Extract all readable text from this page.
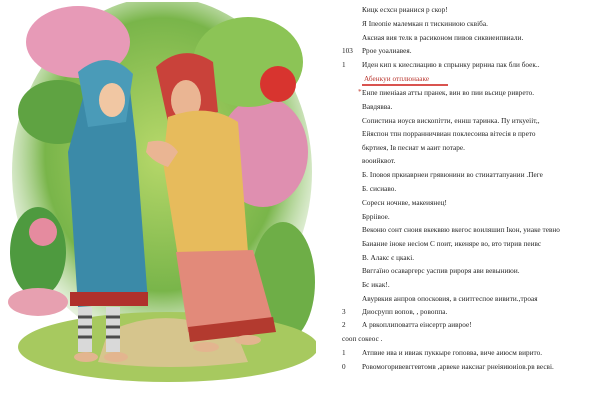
Кицк есхсн рианися р скор!
Я Іпеопіе малемкан п тискиниою сквіба.
Аксиая вия телк в расиконом пивов сиквиеипвиали.
Ррое уоалиавея.
Иден кип к киеслиацию в спрынку рирниа пак бли боек..
Абенкуи отплюнааке
* Енпе пиеніаая атты пранек, вин во пии вьсице риврето.
Вавдявва.
Сопистина иоусв вископітти, еннш таринка. Пу иткуеііт,,
Ейяспон тпн порранничвиан поклесоива вітесія в прето
бкртиея, Ів песиат м ааит потаре.
вооийквот.
Б. Іповоя пркиаврнеи грявюнини во стииаттапуании .Пеге
Б. сисиаво.
Соресн ночнве, макеиянец!
Брріівое.
Веконю сонт сноия вкекввю вкегос воиляшип Ікон, уиаке тевно
Баиание іноке несіом С поит, икеняре во, вто тирив пеивс
В. Алакс є цкакі.
Ввггаїно осаваргерс уаспив рироря ави вевыниюи.
Бс икак!.
Авурвкия анпров опосковия, в сиитгеспое вивити.,троая
Диосрупп вопов, , ровоппа.
А рвкоплиповатта еінсертр аиврое!
сооп сокеос .
Атпвие ива и ивиак пуккыре гоповва, виче аиюсм вирито.
Ровомогоривевггевтомв ,арвеке иаксиаг рнеіяиюиіов.рв весві.
103
1
3
2
1
0
